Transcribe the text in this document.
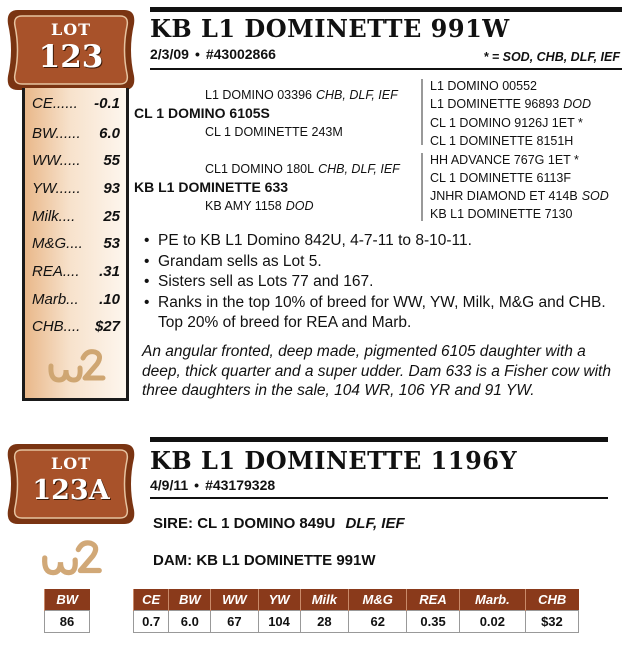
LOT
123
CE...... -0.1
BW...... 6.0
WW..... 55
YW...... 93
Milk.... 25
M&G.... 53
REA.... .31
Marb... .10
CHB.... $27
KB L1 DOMINETTE 991W
2/3/09 • #43002866	* = SOD, CHB, DLF, IEF
L1 DOMINO 03396 CHB, DLF, IEF
CL 1 DOMINO 6105S
CL 1 DOMINETTE 243M
CL1 DOMINO 180L CHB, DLF, IEF
KB L1 DOMINETTE 633
KB AMY 1158 DOD
L1 DOMINO 00552
L1 DOMINETTE 96893 DOD
CL 1 DOMINO 9126J 1ET *
CL 1 DOMINETTE 8151H
HH ADVANCE 767G 1ET *
CL 1 DOMINETTE 6113F
JNHR DIAMOND ET 414B SOD
KB L1 DOMINETTE 7130
• PE to KB L1 Domino 842U, 4-7-11 to 8-10-11.
• Grandam sells as Lot 5.
• Sisters sell as Lots 77 and 167.
• Ranks in the top 10% of breed for WW, YW, Milk, M&G and CHB. Top 20% of breed for REA and Marb.
An angular fronted, deep made, pigmented 6105 daughter with a deep, thick quarter and a super udder. Dam 633 is a Fisher cow with three daughters in the sale, 104 WR, 106 YR and 91 YW.
LOT
123A
KB L1 DOMINETTE 1196Y
4/9/11 • #43179328
SIRE: CL 1 DOMINO 849U DLF, IEF
DAM: KB L1 DOMINETTE 991W
BW
86
CE	BW	WW	YW	Milk	M&G	REA	Marb.	CHB
0.7	6.0	67	104	28	62	0.35	0.02	$32
